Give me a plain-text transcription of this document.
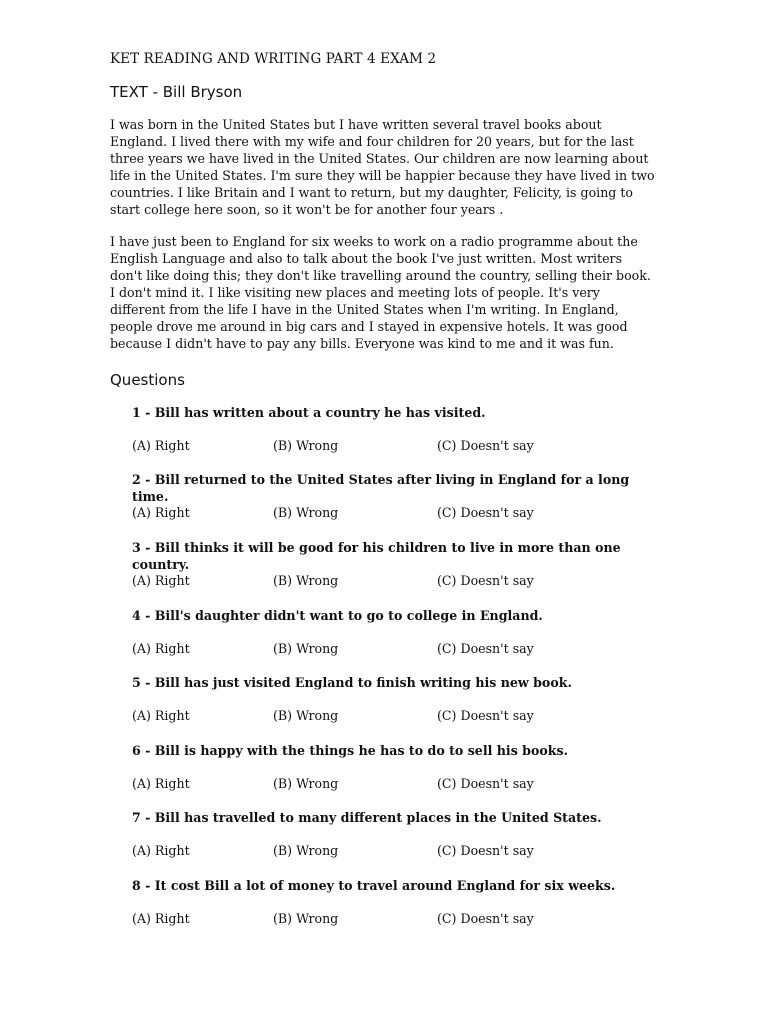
KET READING AND WRITING PART 4 EXAM 2
TEXT - Bill Bryson

I was born in the United States but I have written several travel books about England. I lived there with my wife and four children for 20 years, but for the last three years we have lived in the United States. Our children are now learning about life in the United States. I'm sure they will be happier because they have lived in two countries. I like Britain and I want to return, but my daughter, Felicity, is going to start college here soon, so it won't be for another four years .

I have just been to England for six weeks to work on a radio programme about the English Language and also to talk about the book I've just written. Most writers don't like doing this; they don't like travelling around the country, selling their book. I don't mind it. I like visiting new places and meeting lots of people. It's very different from the life I have in the United States when I'm writing. In England, people drove me around in big cars and I stayed in expensive hotels. It was good because I didn't have to pay any bills. Everyone was kind to me and it was fun.

Questions

1 - Bill has written about a country he has visited.

(A) Right	(B) Wrong	(C) Doesn't say

2 - Bill returned to the United States after living in England for a long time.

(A) Right	(B) Wrong	(C) Doesn't say

3 - Bill thinks it will be good for his children to live in more than one country.

(A) Right	(B) Wrong	(C) Doesn't say

4 - Bill's daughter didn't want to go to college in England.

(A) Right	(B) Wrong	(C) Doesn't say

5 - Bill has just visited England to finish writing his new book.

(A) Right	(B) Wrong	(C) Doesn't say

6 - Bill is happy with the things he has to do to sell his books.

(A) Right	(B) Wrong	(C) Doesn't say

7 - Bill has travelled to many different places in the United States.

(A) Right	(B) Wrong	(C) Doesn't say

8 - It cost Bill a lot of money to travel around England for six weeks.

(A) Right	(B) Wrong	(C) Doesn't say
